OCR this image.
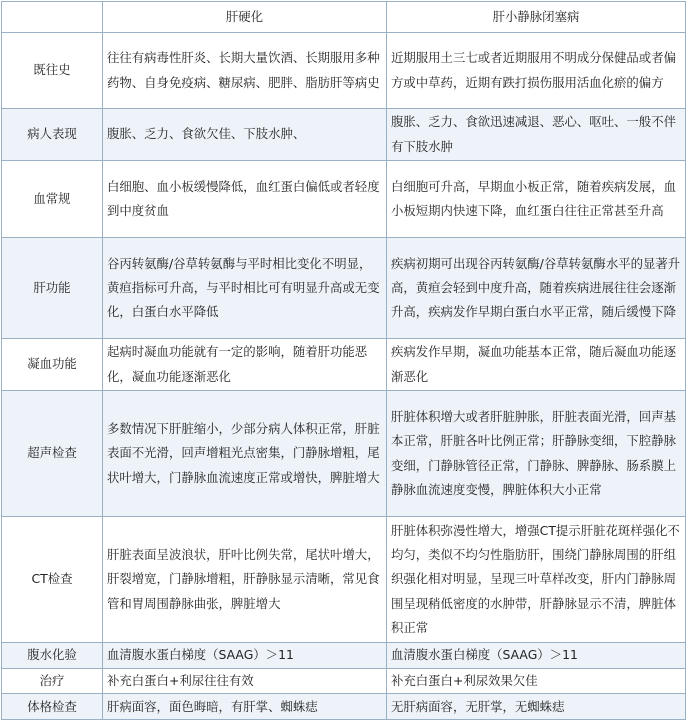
	肝硬化	肝小静脉闭塞病
既往史	往往有病毒性肝炎、长期大量饮酒、长期服用多种药物、自身免疫病、糖尿病、肥胖、脂肪肝等病史	近期服用土三七或者近期服用不明成分保健品或者偏方或中草药，近期有跌打损伤服用活血化瘀的偏方
病人表现	腹胀、乏力、食欲欠佳、下肢水肿、	腹胀、乏力、食欲迅速减退、恶心、呕吐、一般不伴有下肢水肿
血常规	白细胞、血小板缓慢降低，血红蛋白偏低或者轻度到中度贫血	白细胞可升高，早期血小板正常，随着疾病发展，血小板短期内快速下降，血红蛋白往往正常甚至升高
肝功能	谷丙转氨酶/谷草转氨酶与平时相比变化不明显，黄疸指标可升高，与平时相比可有明显升高或无变化，白蛋白水平降低	疾病初期可出现谷丙转氨酶/谷草转氨酶水平的显著升高，黄疸会轻到中度升高，随着疾病进展往往会逐渐升高，疾病发作早期白蛋白水平正常，随后缓慢下降
凝血功能	起病时凝血功能就有一定的影响，随着肝功能恶化，凝血功能逐渐恶化	疾病发作早期，凝血功能基本正常，随后凝血功能逐渐恶化
超声检查	多数情况下肝脏缩小，少部分病人体积正常，肝脏表面不光滑，回声增粗光点密集，门静脉增粗，尾状叶增大，门静脉血流速度正常或增快，脾脏增大	肝脏体积增大或者肝脏肿胀，肝脏表面光滑，回声基本正常，肝脏各叶比例正常；肝静脉变细，下腔静脉变细，门静脉管径正常，门静脉、脾静脉、肠系膜上静脉血流速度变慢，脾脏体积大小正常
CT检查	肝脏表面呈波浪状，肝叶比例失常，尾状叶增大，肝裂增宽，门静脉增粗，肝静脉显示清晰，常见食管和胃周围静脉曲张，脾脏增大	肝脏体积弥漫性增大，增强CT提示肝脏花斑样强化不均匀，类似不均匀性脂肪肝，围绕门静脉周围的肝组织强化相对明显，呈现三叶草样改变，肝内门静脉周围呈现稍低密度的水肿带，肝静脉显示不清，脾脏体积正常
腹水化验	血清腹水蛋白梯度（SAAG）＞11	血清腹水蛋白梯度（SAAG）＞11
治疗	补充白蛋白+利尿往往有效	补充白蛋白+利尿效果欠佳
体格检查	肝病面容，面色晦暗，有肝掌、蜘蛛痣	无肝病面容，无肝掌，无蜘蛛痣
